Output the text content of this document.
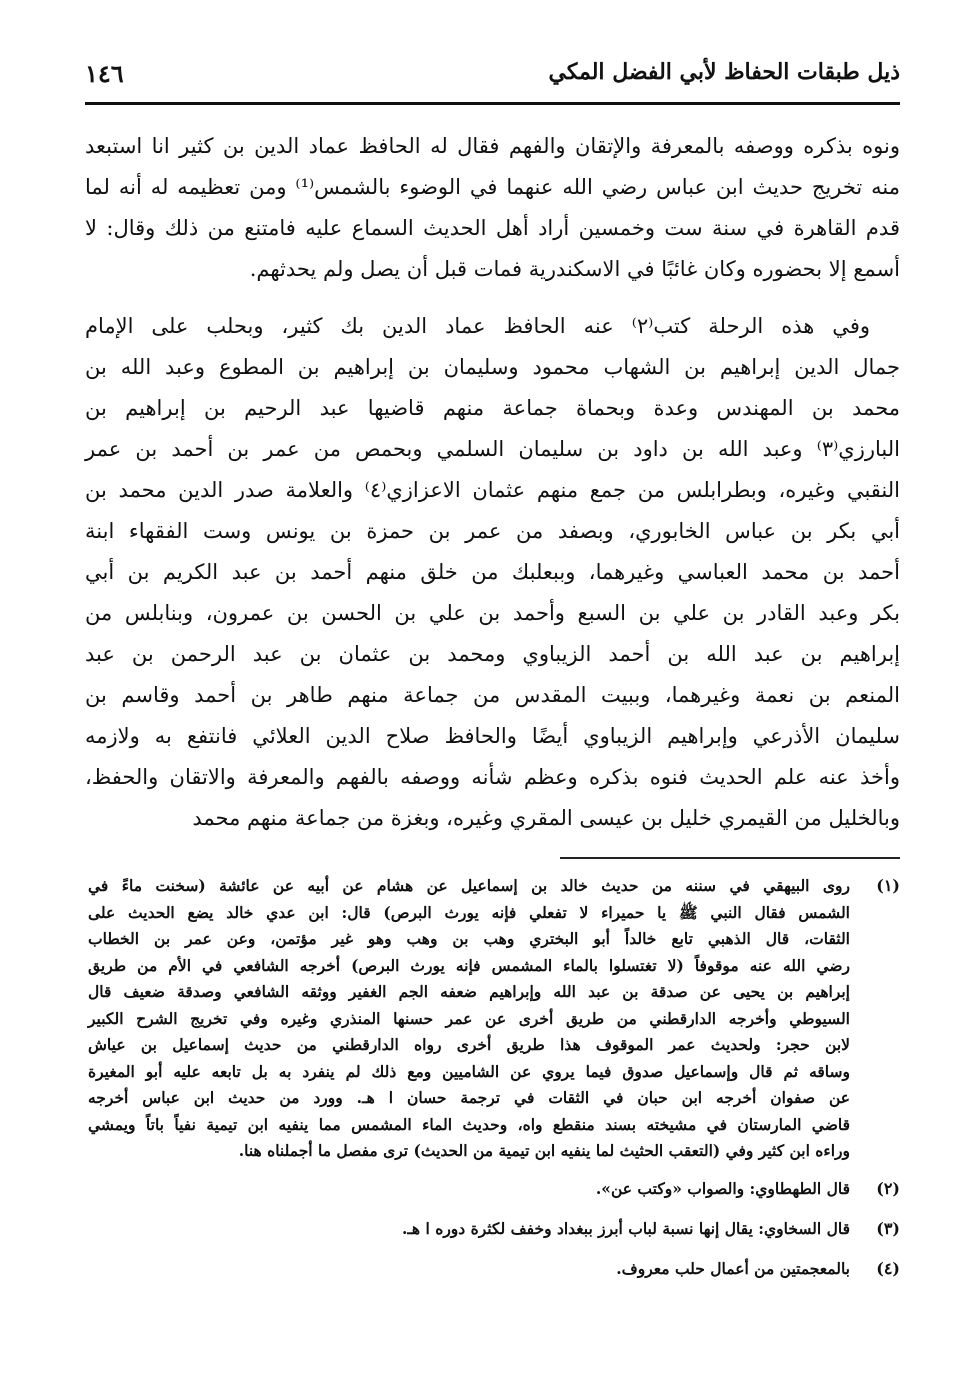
ذيل طبقات الحفاظ لأبي الفضل المكي
١٤٦
ونوه بذكره ووصفه بالمعرفة والإتقان والفهم فقال له الحافظ عماد الدين بن كثير انا استبعد
منه تخريج حديث ابن عباس رضي الله عنهما في الوضوء بالشمس⁽¹⁾ ومن تعظيمه له أنه لما
قدم القاهرة في سنة ست وخمسين أراد أهل الحديث السماع عليه فامتنع من ذلك وقال: لا
أسمع إلا بحضوره وكان غائبًا في الاسكندرية فمات قبل أن يصل ولم يحدثهم.
وفي هذه الرحلة كتب⁽٢⁾ عنه الحافظ عماد الدين بك كثير، وبحلب على الإمام
جمال الدين إبراهيم بن الشهاب محمود وسليمان بن إبراهيم بن المطوع وعبد الله بن
محمد بن المهندس وعدة وبحماة جماعة منهم قاضيها عبد الرحيم بن إبراهيم بن
البارزي⁽٣⁾ وعبد الله بن داود بن سليمان السلمي وبحمص من عمر بن أحمد بن عمر
النقبي وغيره، وبطرابلس من جمع منهم عثمان الاعزازي⁽٤⁾ والعلامة صدر الدين محمد بن
أبي بكر بن عباس الخابوري، وبصفد من عمر بن حمزة بن يونس وست الفقهاء ابنة
أحمد بن محمد العباسي وغيرهما، وببعلبك من خلق منهم أحمد بن عبد الكريم بن أبي
بكر وعبد القادر بن علي بن السبع وأحمد بن علي بن الحسن بن عمرون، وبنابلس من
إبراهيم بن عبد الله بن أحمد الزيباوي ومحمد بن عثمان بن عبد الرحمن بن عبد
المنعم بن نعمة وغيرهما، وببيت المقدس من جماعة منهم طاهر بن أحمد وقاسم بن
سليمان الأذرعي وإبراهيم الزيباوي أيضًا والحافظ صلاح الدين العلائي فانتفع به ولازمه
وأخذ عنه علم الحديث فنوه بذكره وعظم شأنه ووصفه بالفهم والمعرفة والاتقان والحفظ،
وبالخليل من القيمري خليل بن عيسى المقري وغيره، وبغزة من جماعة منهم محمد
(١)
روى البيهقي في سننه من حديث خالد بن إسماعيل عن هشام عن أبيه عن عائشة (سخنت ماءً في
الشمس فقال النبي ﷺ يا حميراء لا تفعلي فإنه يورث البرص) قال: ابن عدي خالد يضع الحديث على
الثقات، قال الذهبي تابع خالداً أبو البختري وهب بن وهب وهو غير مؤتمن، وعن عمر بن الخطاب
رضي الله عنه موقوفاً (لا تغتسلوا بالماء المشمس فإنه يورث البرص) أخرجه الشافعي في الأم من طريق
إبراهيم بن يحيى عن صدقة بن عبد الله وإبراهيم ضعفه الجم الغفير ووثقه الشافعي وصدقة ضعيف قال
السيوطي وأخرجه الدارقطني من طريق أخرى عن عمر حسنها المنذري وغيره وفي تخريج الشرح الكبير
لابن حجر: ولحديث عمر الموقوف هذا طريق أخرى رواه الدارقطني من حديث إسماعيل بن عياش
وساقه ثم قال وإسماعيل صدوق فيما يروي عن الشاميين ومع ذلك لم ينفرد به بل تابعه عليه أبو المغيرة
عن صفوان أخرجه ابن حبان في الثقات في ترجمة حسان ا هـ. وورد من حديث ابن عباس أخرجه
قاضي المارستان في مشيخته بسند منقطع واه، وحديث الماء المشمس مما ينفيه ابن تيمية نفياً باتاً ويمشي
وراءه ابن كثير وفي (التعقب الحثيث لما ينفيه ابن تيمية من الحديث) ترى مفصل ما أجملناه هنا.
(٢)
قال الطهطاوي: والصواب «وكتب عن».
(٣)
قال السخاوي: يقال إنها نسبة لباب أبرز ببغداد وخفف لكثرة دوره ا هـ.
(٤)
بالمعجمتين من أعمال حلب معروف.
